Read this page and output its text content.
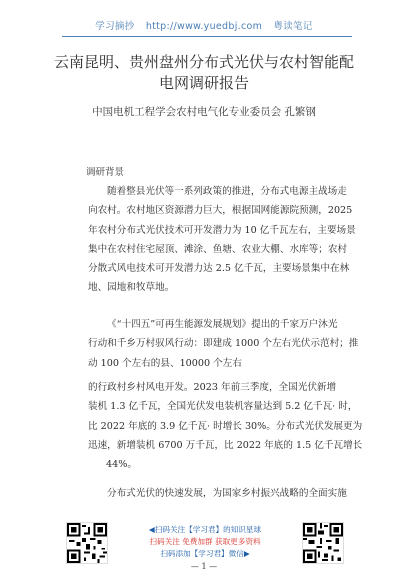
学习摘抄 http://www.yuedbj.com 粤读笔记
云南昆明、贵州盘州分布式光伏与农村智能配
电网调研报告
中国电机工程学会农村电气化专业委员会 孔繁钢
调研背景
随着整县光伏等一系列政策的推进，分布式电源主战场走
向农村。农村地区资源潜力巨大，根据国网能源院预测，2025
年农村分布式光伏技术可开发潜力为 10 亿千瓦左右，主要场景
集中在农村住宅屋顶、滩涂、鱼塘、农业大棚、水库等；农村
分散式风电技术可开发潜力达 2.5 亿千瓦，主要场景集中在林
地、园地和牧草地。
《“十四五”可再生能源发展规划》提出的千家万户沐光
行动和千乡万村驭风行动：即建成 1000 个左右光伏示范村；推
动 100 个左右的县、10000 个左右
的行政村乡村风电开发。2023 年前三季度，全国光伏新增
装机 1.3 亿千瓦，全国光伏发电装机容量达到 5.2 亿千瓦· 时，
比 2022 年底的 3.9 亿千瓦· 时增长 30%。分布式光伏发展更为
迅速，新增装机 6700 万千瓦，比 2022 年底的 1.5 亿千瓦增长
44%。
分布式光伏的快速发展，为国家乡村振兴战略的全面实施
◀扫码关注【学习君】的知识星球
扫码关注 免费加群 获取更多资料
扫码添加【学习君】微信▶
— 1 —
